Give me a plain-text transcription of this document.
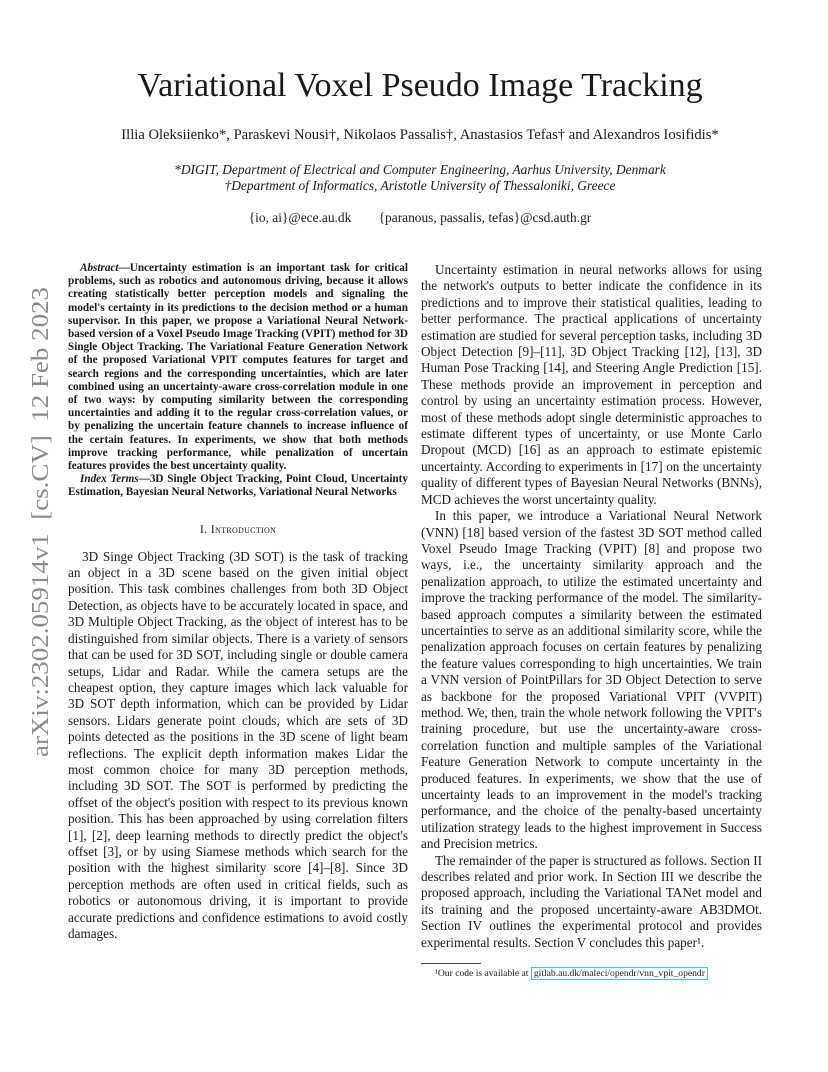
arXiv:2302.05914v1  [cs.CV]  12 Feb 2023
Variational Voxel Pseudo Image Tracking
Illia Oleksiienko*, Paraskevi Nousi†, Nikolaos Passalis†, Anastasios Tefas† and Alexandros Iosifidis*
*DIGIT, Department of Electrical and Computer Engineering, Aarhus University, Denmark
†Department of Informatics, Aristotle University of Thessaloniki, Greece
{io, ai}@ece.au.dk {paranous, passalis, tefas}@csd.auth.gr

Abstract—Uncertainty estimation is an important task for critical problems, such as robotics and autonomous driving, because it allows creating statistically better perception models and signaling the model's certainty in its predictions to the decision method or a human supervisor. In this paper, we propose a Variational Neural Network-based version of a Voxel Pseudo Image Tracking (VPIT) method for 3D Single Object Tracking. The Variational Feature Generation Network of the proposed Variational VPIT computes features for target and search regions and the corresponding uncertainties, which are later combined using an uncertainty-aware cross-correlation module in one of two ways: by computing similarity between the corresponding uncertainties and adding it to the regular cross-correlation values, or by penalizing the uncertain feature channels to increase influence of the certain features. In experiments, we show that both methods improve tracking performance, while penalization of uncertain features provides the best uncertainty quality.

Index Terms—3D Single Object Tracking, Point Cloud, Uncertainty Estimation, Bayesian Neural Networks, Variational Neural Networks

I. Introduction

3D Singe Object Tracking (3D SOT) is the task of tracking an object in a 3D scene based on the given initial object position. This task combines challenges from both 3D Object Detection, as objects have to be accurately located in space, and 3D Multiple Object Tracking, as the object of interest has to be distinguished from similar objects. There is a variety of sensors that can be used for 3D SOT, including single or double camera setups, Lidar and Radar. While the camera setups are the cheapest option, they capture images which lack valuable for 3D SOT depth information, which can be provided by Lidar sensors. Lidars generate point clouds, which are sets of 3D points detected as the positions in the 3D scene of light beam reflections. The explicit depth information makes Lidar the most common choice for many 3D perception methods, including 3D SOT. The SOT is performed by predicting the offset of the object's position with respect to its previous known position. This has been approached by using correlation filters [1], [2], deep learning methods to directly predict the object's offset [3], or by using Siamese methods which search for the position with the highest similarity score [4]–[8]. Since 3D perception methods are often used in critical fields, such as robotics or autonomous driving, it is important to provide accurate predictions and confidence estimations to avoid costly damages.

Uncertainty estimation in neural networks allows for using the network's outputs to better indicate the confidence in its predictions and to improve their statistical qualities, leading to better performance. The practical applications of uncertainty estimation are studied for several perception tasks, including 3D Object Detection [9]–[11], 3D Object Tracking [12], [13], 3D Human Pose Tracking [14], and Steering Angle Prediction [15]. These methods provide an improvement in perception and control by using an uncertainty estimation process. However, most of these methods adopt single deterministic approaches to estimate different types of uncertainty, or use Monte Carlo Dropout (MCD) [16] as an approach to estimate epistemic uncertainty. According to experiments in [17] on the uncertainty quality of different types of Bayesian Neural Networks (BNNs), MCD achieves the worst uncertainty quality.

In this paper, we introduce a Variational Neural Network (VNN) [18] based version of the fastest 3D SOT method called Voxel Pseudo Image Tracking (VPIT) [8] and propose two ways, i.e., the uncertainty similarity approach and the penalization approach, to utilize the estimated uncertainty and improve the tracking performance of the model. The similarity-based approach computes a similarity between the estimated uncertainties to serve as an additional similarity score, while the penalization approach focuses on certain features by penalizing the feature values corresponding to high uncertainties. We train a VNN version of PointPillars for 3D Object Detection to serve as backbone for the proposed Variational VPIT (VVPIT) method. We, then, train the whole network following the VPIT's training procedure, but use the uncertainty-aware cross-correlation function and multiple samples of the Variational Feature Generation Network to compute uncertainty in the produced features. In experiments, we show that the use of uncertainty leads to an improvement in the model's tracking performance, and the choice of the penalty-based uncertainty utilization strategy leads to the highest improvement in Success and Precision metrics.

The remainder of the paper is structured as follows. Section II describes related and prior work. In Section III we describe the proposed approach, including the Variational TANet model and its training and the proposed uncertainty-aware AB3DMOt. Section IV outlines the experimental protocol and provides experimental results. Section V concludes this paper¹.

¹Our code is available at gitlab.au.dk/maleci/opendr/vnn_vpit_opendr
